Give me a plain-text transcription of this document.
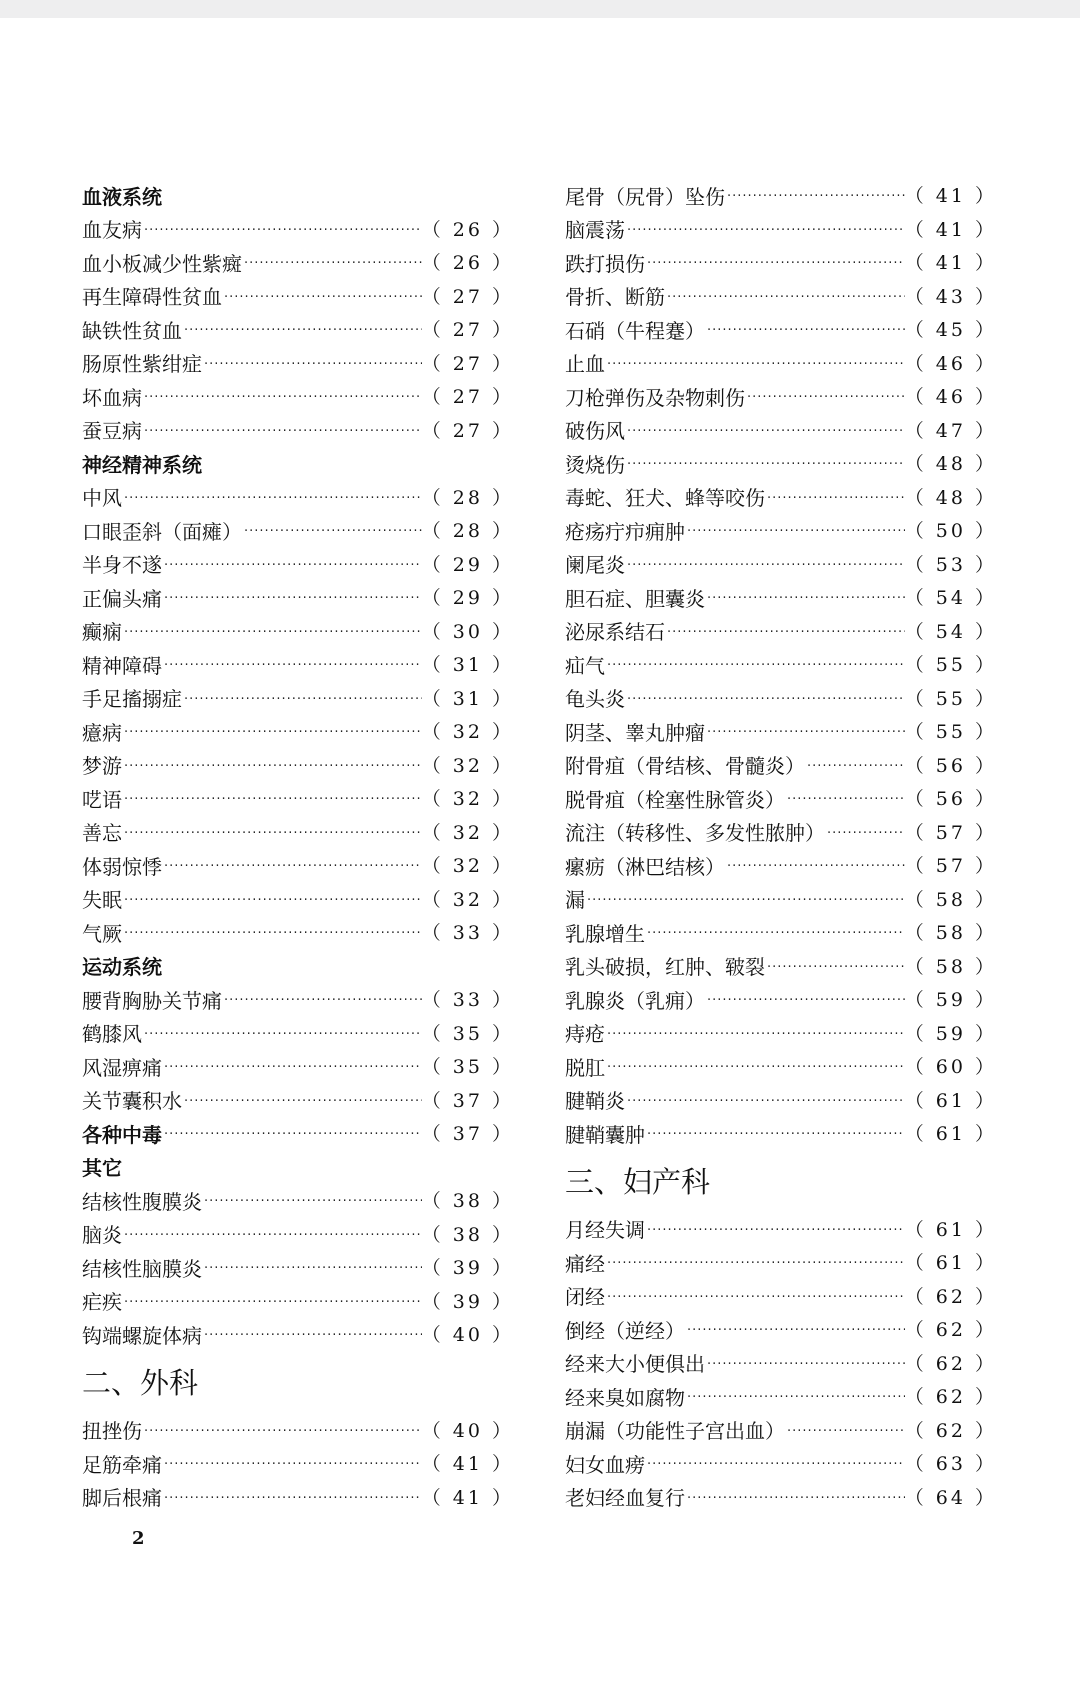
血液系统
血友病 ·····	（ 26 ）
血小板减少性紫癍 ·····	（ 26 ）
再生障碍性贫血 ·····	（ 27 ）
缺铁性贫血 ·····	（ 27 ）
肠原性紫绀症 ·····	（ 27 ）
坏血病 ·····	（ 27 ）
蚕豆病 ·····	（ 27 ）
神经精神系统
中风 ·····	（ 28 ）
口眼歪斜（面瘫） ·····	（ 28 ）
半身不遂 ·····	（ 29 ）
正偏头痛 ·····	（ 29 ）
癫痫 ·····	（ 30 ）
精神障碍 ·····	（ 31 ）
手足搐搦症 ·····	（ 31 ）
癔病 ·····	（ 32 ）
梦游 ·····	（ 32 ）
呓语 ·····	（ 32 ）
善忘 ·····	（ 32 ）
体弱惊悸 ·····	（ 32 ）
失眠 ·····	（ 32 ）
气厥 ·····	（ 33 ）
运动系统
腰背胸胁关节痛 ·····	（ 33 ）
鹤膝风 ·····	（ 35 ）
风湿痹痛 ·····	（ 35 ）
关节囊积水 ·····	（ 37 ）
各种中毒 ·····	（ 37 ）
其它
结核性腹膜炎 ·····	（ 38 ）
脑炎 ·····	（ 38 ）
结核性脑膜炎 ·····	（ 39 ）
疟疾 ·····	（ 39 ）
钩端螺旋体病 ·····	（ 40 ）
二、外科
扭挫伤 ·····	（ 40 ）
足筋牵痛 ·····	（ 41 ）
脚后根痛 ·····	（ 41 ）
尾骨（尻骨）坠伤 ·····	（ 41 ）
脑震荡 ·····	（ 41 ）
跌打损伤 ·····	（ 41 ）
骨折、断筋 ·····	（ 43 ）
石硝（牛程蹇） ·····	（ 45 ）
止血 ·····	（ 46 ）
刀枪弹伤及杂物刺伤 ·····	（ 46 ）
破伤风 ·····	（ 47 ）
烫烧伤 ·····	（ 48 ）
毒蛇、狂犬、蜂等咬伤 ·····	（ 48 ）
疮疡疔疖痈肿 ·····	（ 50 ）
阑尾炎 ·····	（ 53 ）
胆石症、胆囊炎 ·····	（ 54 ）
泌尿系结石 ·····	（ 54 ）
疝气 ·····	（ 55 ）
龟头炎 ·····	（ 55 ）
阴茎、睾丸肿瘤 ·····	（ 55 ）
附骨疽（骨结核、骨髓炎） ·····	（ 56 ）
脱骨疽（栓塞性脉管炎） ·····	（ 56 ）
流注（转移性、多发性脓肿） ·····	（ 57 ）
瘰疬（淋巴结核） ·····	（ 57 ）
漏 ·····	（ 58 ）
乳腺增生 ·····	（ 58 ）
乳头破损，红肿、皲裂 ·····	（ 58 ）
乳腺炎（乳痈） ·····	（ 59 ）
痔疮 ·····	（ 59 ）
脱肛 ·····	（ 60 ）
腱鞘炎 ·····	（ 61 ）
腱鞘囊肿 ·····	（ 61 ）
三、妇产科
月经失调 ·····	（ 61 ）
痛经 ·····	（ 61 ）
闭经 ·····	（ 62 ）
倒经（逆经） ·····	（ 62 ）
经来大小便俱出 ·····	（ 62 ）
经来臭如腐物 ·····	（ 62 ）
崩漏（功能性子宫出血） ·····	（ 62 ）
妇女血痨 ·····	（ 63 ）
老妇经血复行 ·····	（ 64 ）
2
